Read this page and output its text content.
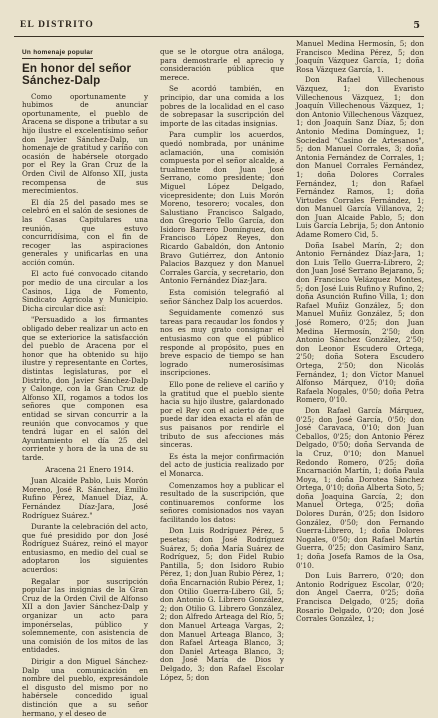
EL DISTRITO	5
Un homenaje popular
En honor del señor Sánchez-Dalp

Como oportunamente y hubimos de anunciar oportunamente, el pueblo de Aracena se dispone a tributar a su hijo ilustre el excelentísimo señor don Javier Sánchez-Dalp, un homenaje de gratitud y cariño con ocasión de habérsele otorgado por el Rey la Gran Cruz de la Orden Civil de Alfonso XII, justa recompensa de sus merecimientos.

El día 25 del pasado mes se celebró en el salón de sesiones de las Casas Capitulares una reunión, que estuvo concurridísima, con el fin de recoger las aspiraciones generales y unificarlas en una acción común.

El acto fué convocado citando por medio de una circular a los Casinos, Liga de Fomento, Sindicato Agrícola y Municipio. Dicha circular dice así:

"Persuadido a los firmantes obligado deber realizar un acto en que se exteriorice la satisfacción del pueblo de Aracena por el honor que ha obtenido su hijo ilustre y representante en Cortes, distintas legislaturas, por el Distrito, don Javier Sánchez-Dalp y Calonge, con la Gran Cruz de Alfonso XII, rogamos a todos los señores que componen esa entidad se sirvan concurrir a la reunión que convocamos y que tendrá lugar en el salón del Ayuntamiento el día 25 del corriente y hora de la una de su tarde.

Aracena 21 Enero 1914.

Juan Alcaide Pablo, Luis Morón Moreno, José R. Sánchez, Emilio Rufino Pérez, Manuel Díaz, A. Fernández Díaz-Jara, José Rodríguez Suárez."

Durante la celebración del acto, que fué presidido por don José Rodríguez Suárez, reinó el mayor entusiasmo, en medio del cual se adoptaron los siguientes acuerdos:

Regalar por suscripción popular las insignias de la Gran Cruz de la Orden Civil de Alfonso XII a don Javier Sánchez-Dalp y organizar un acto para imponérselas, público y solemnemente, con asistencia de una comisión de los mitos de las entidades.

Dirigir a don Miguel Sánchez-Dalp una comunicación en nombre del pueblo, expresándole el disgusto del mismo por no habérsele concedido igual distinción que a su señor hermano, y el deseo de

que se le otorgue otra análoga, para demostrarle el aprecio y consideración pública que merece.

Se acordó también, en principio, dar una comida a los pobres de la localidad en el caso de sobrepasar la suscripción del importe de las citadas insignias.

Para cumplir los acuerdos, quedó nombrada, por unánime aclamación, una comisión compuesta por el señor alcalde, a trualmente don Juan José Serrano, como presidente; don Miguel López Delgado, vicepresidente; don Luis Morón Moreno, tesorero; vocales, don Salustiano Francisco Salgado, don Gregorio Tello García, don Isidoro Barrero Domínguez, don Francisco López Reyes, don Ricardo Gabaldón, don Antonio Bravo Gutiérrez, don Antonio Palacios Bazquez y don Manuel Corrales García, y secretario, don Antonio Fernández Díaz-Jara.

Esta comisión telegrafió al señor Sánchez Dalp los acuerdos.

Seguidamente comenzó sus tareas para recaudar los fondos y nos es muy grato consignar el entusiasmo con que el público responde al propósito, pues en breve espacio de tiempo se han logrado numerosísimas inscripciones.

Ello pone de relieve el cariño y la gratitud que el pueblo siente hacia su hijo ilustre, galardonado por el Rey con el acierto de que puede dar idea exacta el afán de sus paisanos por rendirle el tributo de sus afecciones más sinceras.

Es ésta la mejor confirmación del acto de justicia realizado por el Monarca.

Comenzamos hoy a publicar el resultado de la suscripción, que continuaremos conforme los señores comisionados nos vayan facilitando los datos:

Don Luis Rodríguez Pérez, 5 pesetas; don José Rodríguez Suárez, 5; doña María Suárez de Rodríguez, 5; don Fidel Rubio Pantilla, 5; don Isidoro Rubio Pérez, 1; don Juan Rubio Pérez, 1; doña Encarnación Rubio Pérez, 1; don Otilio Guerra-Libero Gil, 5; don Antonio G. Librero González, 2; don Otilio G. Librero González, 2; don Alfredo Arteaga del Río, 5; don Manuel Arteaga Vargas, 2; don Manuel Arteaga Blanco, 3; don Rafael Arteaga Blanco, 3; don Daniel Arteaga Blanco, 3; don José María de Dios y Delgado, 3; don Rafael Escolar López, 5; don

Manuel Medina Hermosín, 5; don Francisco Medina Pérez, 5; don Joaquín Vázquez García, 1; doña Rosa Vázquez García, 1.

Don Rafael Villechenous Vázquez, 1; don Evaristo Villechenous Vázquez, 1; don Joaquín Villechenous Vázquez, 1; don Antonio Villechenous Vázquez, 1; don Joaquín Sanz Díaz, 5; don Antonio Medina Domínguez, 1; Sociedad "Casino de Artesanos", 5; don Manuel Corrales, 3; doña Antonia Fernández de Corrales, 1; don Manuel Corrales Fernández, 1; doña Dolores Corrales Fernández, 1; don Rafael Fernández Ramos, 1; doña Virtudes Corrales Fernández, 1; don Manuel García Villanova, 2; don Juan Alcaide Pablo, 5; don Luis García Lebrija, 5; don Antonio Adame Romero Cid, 5.

Doña Isabel Marín, 2; don Antonio Fernández Díaz-Jara, 1; don Luis Tello Guerra-Librero, 2; don Juan José Serrano Bejarano, 5; don Francisco Velázquez Montes, 5; don José Luis Rufino y Rufino, 2; doña Asunción Rufino Villa, 1; don Rafael Muñiz González, 5; don Manuel Muñiz González, 5; don José Romero, 0'25; don Juan Medina Hermosín, 2'50; don Antonio Sánchez González, 2'50; don Leonor Escudero Ortega, 2'50; doña Sotera Escudero Ortega, 2'50; don Nicolás Fernández, 1; don Víctor Manuel Alfonso Márquez, 0'10; doña Rafaela Nogales, 0'50; doña Petra Romero, 0'10.

Don Rafael García Márquez, 0'25; don José García, 0'50; don José Caravaca, 0'10; don Juan Ceballos, 0'25; don Antonio Pérez Delgado, 0'50; doña Servanda de la Cruz, 0'10; don Manuel Redondo Romero, 0'25; doña Encarnación Martín, 1; doña Paula Moya, 1; doña Dorotea Sánchez Ortega, 0'10; doña Alberta Soto, 5; doña Joaquina García, 2; don Manuel Ortega, 0'25; doña Dolores Durán, 0'25; don Isidoro González, 0'50; don Fernando Guerra-Librero, 1; doña Dolores Nogales, 0'50; don Rafael Martín Guerra, 0'25; don Casimiro Sanz, 1; doña Josefa Ramos de la Osa, 0'10.

Don Luis Barrero, 0'20; don Antonio Rodríguez Escolar, 0'20; don Angel Caerra, 0'25; doña Francisca Delgado, 0'25; doña Rosario Delgado, 0'20; don José Corrales González, 1;
